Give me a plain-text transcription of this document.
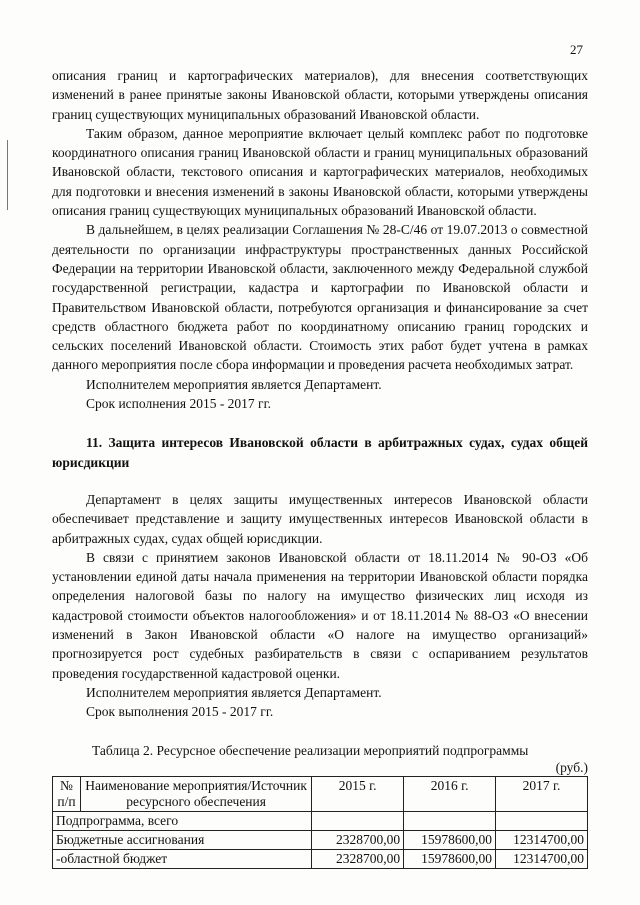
27

описания границ и картографических материалов), для внесения соответствующих изменений в ранее принятые законы Ивановской области, которыми утверждены описания границ существующих муниципальных образований Ивановской области.

Таким образом, данное мероприятие включает целый комплекс работ по подготовке координатного описания границ Ивановской области и границ муниципальных образований Ивановской области, текстового описания и картографических материалов, необходимых для подготовки и внесения изменений в законы Ивановской области, которыми утверждены описания границ существующих муниципальных образований Ивановской области.

В дальнейшем, в целях реализации Соглашения № 28-С/46 от 19.07.2013 о совместной деятельности по организации инфраструктуры пространственных данных Российской Федерации на территории Ивановской области, заключенного между Федеральной службой государственной регистрации, кадастра и картографии по Ивановской области и Правительством Ивановской области, потребуются организация и финансирование за счет средств областного бюджета работ по координатному описанию границ городских и сельских поселений Ивановской области. Стоимость этих работ будет учтена в рамках данного мероприятия после сбора информации и проведения расчета необходимых затрат.

Исполнителем мероприятия является Департамент.

Срок исполнения 2015 - 2017 гг.

11. Защита интересов Ивановской области в арбитражных судах, судах общей юрисдикции

Департамент в целях защиты имущественных интересов Ивановской области обеспечивает представление и защиту имущественных интересов Ивановской области в арбитражных судах, судах общей юрисдикции.

В связи с принятием законов Ивановской области от 18.11.2014 № 90-ОЗ «Об установлении единой даты начала применения на территории Ивановской области порядка определения налоговой базы по налогу на имущество физических лиц исходя из кадастровой стоимости объектов налогообложения» и от 18.11.2014 № 88-ОЗ «О внесении изменений в Закон Ивановской области «О налоге на имущество организаций» прогнозируется рост судебных разбирательств в связи с оспариванием результатов проведения государственной кадастровой оценки.

Исполнителем мероприятия является Департамент.

Срок выполнения 2015 - 2017 гг.

Таблица 2. Ресурсное обеспечение реализации мероприятий подпрограммы
(руб.)
№ п/п	Наименование мероприятия/Источник ресурсного обеспечения	2015 г.	2016 г.	2017 г.
Подпрограмма, всего				
Бюджетные ассигнования		2328700,00	15978600,00	12314700,00
-областной бюджет		2328700,00	15978600,00	12314700,00
